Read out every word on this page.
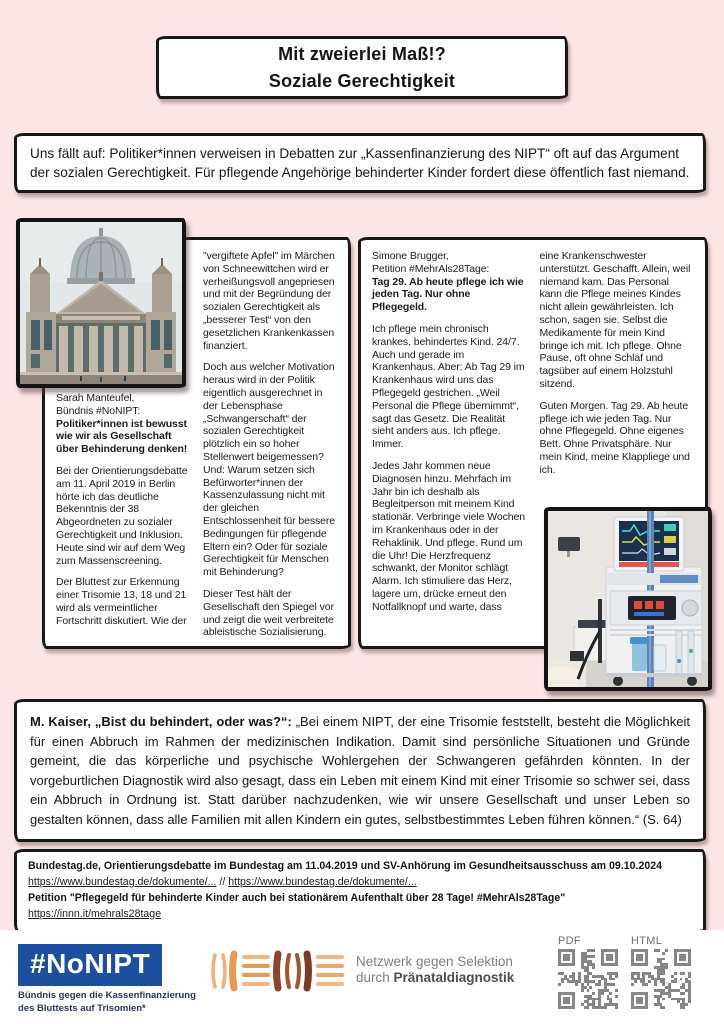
Mit zweierlei Maß!?
Soziale Gerechtigkeit

Uns fällt auf: Politiker*innen verweisen in Debatten zur „Kassenfinanzierung des NIPT“ oft auf das Argument der sozialen Gerechtigkeit. Für pflegende Angehörige behinderter Kinder fordert diese öffentlich fast niemand.

Sarah Manteufel,
Bündnis #NoNIPT:

Politiker*innen ist bewusst wie wir als Gesellschaft über Behinderung denken!

Bei der Orientierungsdebatte am 11. April 2019 in Berlin hörte ich das deutliche Bekenntnis der 38 Abgeordneten zu sozialer Gerechtigkeit und Inklusion. Heute sind wir auf dem Weg zum Massenscreening.

Der Bluttest zur Erkennung einer Trisomie 13, 18 und 21 wird als vermeintlicher Fortschritt diskutiert. Wie der

"vergiftete Apfel" im Märchen von Schneewittchen wird er verheißungsvoll angepriesen und mit der Begründung der sozialen Gerechtigkeit als „besserer Test“ von den gesetzlichen Krankenkassen finanziert.

Doch aus welcher Motivation heraus wird in der Politik eigentlich ausgerechnet in der Lebensphase „Schwangerschaft“ der sozialen Gerechtigkeit plötzlich ein so hoher Stellenwert beigemessen? Und: Warum setzen sich Befürworter*innen der Kassenzulassung nicht mit der gleichen Entschlossenheit für bessere Bedingungen für pflegende Eltern ein? Oder für soziale Gerechtigkeit für Menschen mit Behinderung?

Dieser Test hält der Gesellschaft den Spiegel vor und zeigt die weit verbreitete ableistische Sozialisierung.

Simone Brugger,
Petition #MehrAls28Tage:

Tag 29. Ab heute pflege ich wie jeden Tag. Nur ohne Pflegegeld.

Ich pflege mein chronisch krankes, behindertes Kind. 24/7. Auch und gerade im Krankenhaus. Aber: Ab Tag 29 im Krankenhaus wird uns das Pflegegeld gestrichen. „Weil Personal die Pflege übernimmt“, sagt das Gesetz. Die Realität sieht anders aus. Ich pflege. Immer.

Jedes Jahr kommen neue Diagnosen hinzu. Mehrfach im Jahr bin ich deshalb als Begleitperson mit meinem Kind stationär. Verbringe viele Wochen im Krankenhaus oder in der Rehaklinik. Und pflege. Rund um die Uhr! Die Herzfrequenz schwankt, der Monitor schlägt Alarm. Ich stimuliere das Herz, lagere um, drücke erneut den Notfallknopf und warte, dass

eine Krankenschwester unterstützt. Geschafft. Allein, weil niemand kam. Das Personal kann die Pflege meines Kindes nicht allein gewährleisten. Ich schon, sagen sie. Selbst die Medikamente für mein Kind bringe ich mit. Ich pflege. Ohne Pause, oft ohne Schlaf und tagsüber auf einem Holzstuhl sitzend.

Guten Morgen. Tag 29. Ab heute pflege ich wie jeden Tag. Nur ohne Pflegegeld. Ohne eigenes Bett. Ohne Privatsphäre. Nur mein Kind, meine Klappliege und ich.

M. Kaiser, „Bist du behindert, oder was?“: „Bei einem NIPT, der eine Trisomie feststellt, besteht die Möglichkeit für einen Abbruch im Rahmen der medizinischen Indikation. Damit sind persönliche Situationen und Gründe gemeint, die das körperliche und psychische Wohlergehen der Schwangeren gefährden könnten. In der vorgeburtlichen Diagnostik wird also gesagt, dass ein Leben mit einem Kind mit einer Trisomie so schwer sei, dass ein Abbruch in Ordnung ist. Statt darüber nachzudenken, wie wir unsere Gesellschaft und unser Leben so gestalten können, dass alle Familien mit allen Kindern ein gutes, selbstbestimmtes Leben führen können.“ (S. 64)

Bundestag.de, Orientierungsdebatte im Bundestag am 11.04.2019 und SV-Anhörung im Gesundheitsausschuss am 09.10.2024
https://www.bundestag.de/dokumente/... // https://www.bundestag.de/dokumente/...
Petition "Pflegegeld für behinderte Kinder auch bei stationärem Aufenthalt über 28 Tage! #MehrAls28Tage"
https://innn.it/mehrals28tage
#NoNIPT
Bündnis gegen die Kassenfinanzierung
des Bluttests auf Trisomien*
Netzwerk gegen Selektion
durch Pränataldiagnostik
PDF	HTML
